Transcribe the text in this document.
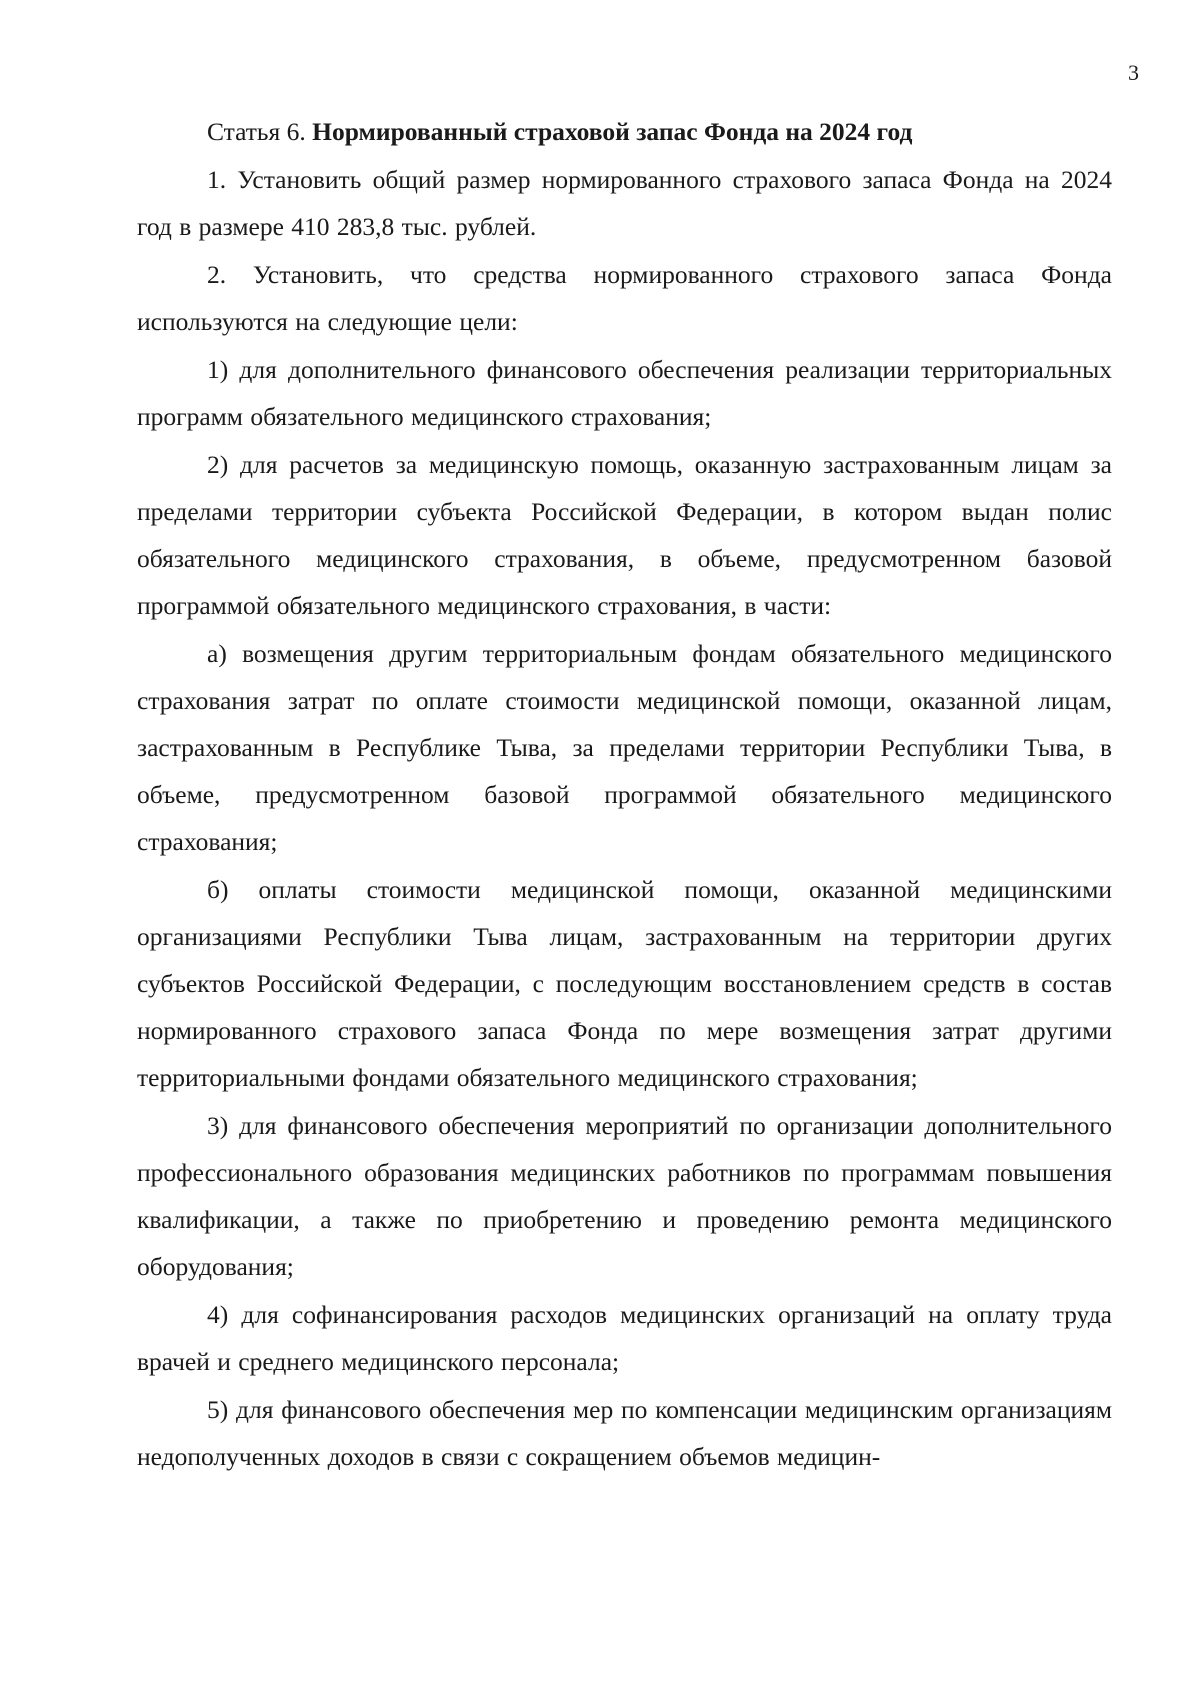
3
Статья 6. Нормированный страховой запас Фонда на 2024 год

1. Установить общий размер нормированного страхового запаса Фонда на 2024 год в размере 410 283,8 тыс. рублей.

2. Установить, что средства нормированного страхового запаса Фонда используются на следующие цели:

1) для дополнительного финансового обеспечения реализации территориальных программ обязательного медицинского страхования;

2) для расчетов за медицинскую помощь, оказанную застрахованным лицам за пределами территории субъекта Российской Федерации, в котором выдан полис обязательного медицинского страхования, в объеме, предусмотренном базовой программой обязательного медицинского страхования, в части:

а) возмещения другим территориальным фондам обязательного медицинского страхования затрат по оплате стоимости медицинской помощи, оказанной лицам, застрахованным в Республике Тыва, за пределами территории Республики Тыва, в объеме, предусмотренном базовой программой обязательного медицинского страхования;

б) оплаты стоимости медицинской помощи, оказанной медицинскими организациями Республики Тыва лицам, застрахованным на территории других субъектов Российской Федерации, с последующим восстановлением средств в состав нормированного страхового запаса Фонда по мере возмещения затрат другими территориальными фондами обязательного медицинского страхования;

3) для финансового обеспечения мероприятий по организации дополнительного профессионального образования медицинских работников по программам повышения квалификации, а также по приобретению и проведению ремонта медицинского оборудования;

4) для софинансирования расходов медицинских организаций на оплату труда врачей и среднего медицинского персонала;

5) для финансового обеспечения мер по компенсации медицинским организациям недополученных доходов в связи с сокращением объемов медицин-
